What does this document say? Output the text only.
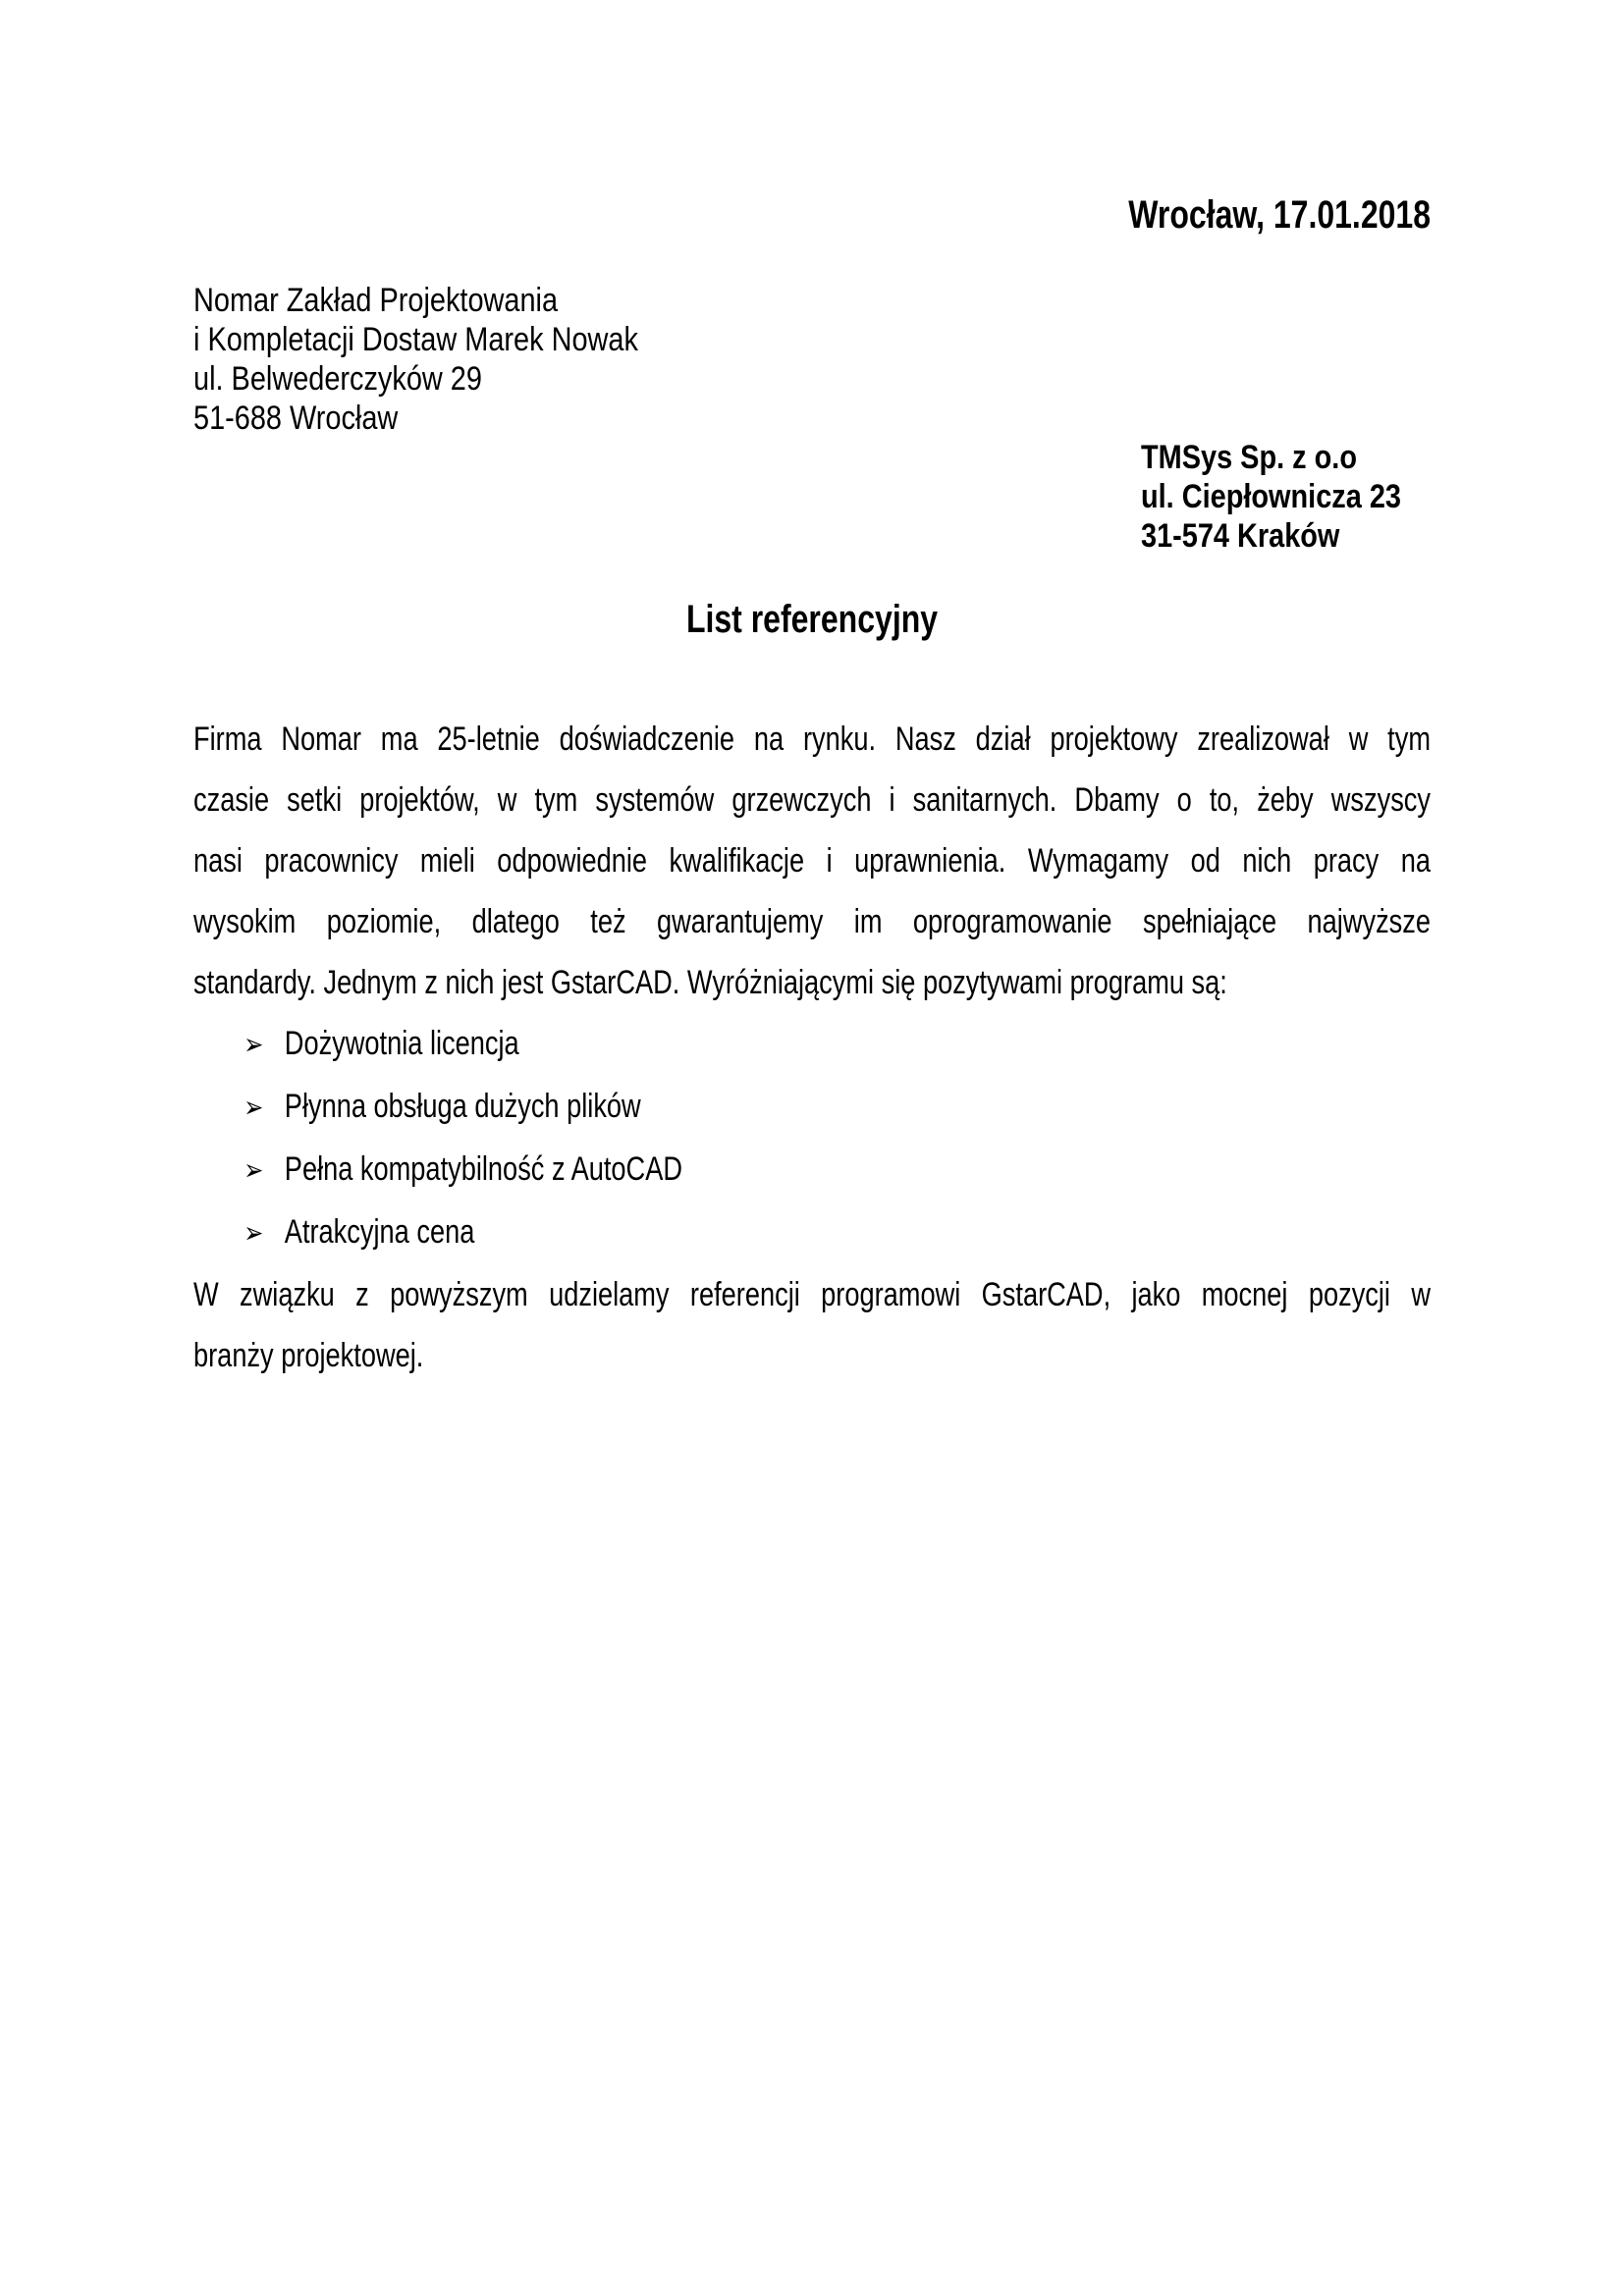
Wrocław, 17.01.2018
Nomar Zakład Projektowania
i Kompletacji Dostaw Marek Nowak
ul. Belwederczyków 29
51-688 Wrocław
TMSys Sp. z o.o
ul. Ciepłownicza 23
31-574 Kraków
List referencyjny
Firma Nomar ma 25-letnie doświadczenie na rynku. Nasz dział projektowy zrealizował w tym
czasie setki projektów, w tym systemów grzewczych i sanitarnych. Dbamy o to, żeby wszyscy
nasi pracownicy mieli odpowiednie kwalifikacje i uprawnienia. Wymagamy od nich pracy na
wysokim poziomie, dlatego też gwarantujemy im oprogramowanie spełniające najwyższe
standardy. Jednym z nich jest GstarCAD. Wyróżniającymi się pozytywami programu są:
➢ Dożywotnia licencja
➢ Płynna obsługa dużych plików
➢ Pełna kompatybilność z AutoCAD
➢ Atrakcyjna cena
W związku z powyższym udzielamy referencji programowi GstarCAD, jako mocnej pozycji w
branży projektowej.
